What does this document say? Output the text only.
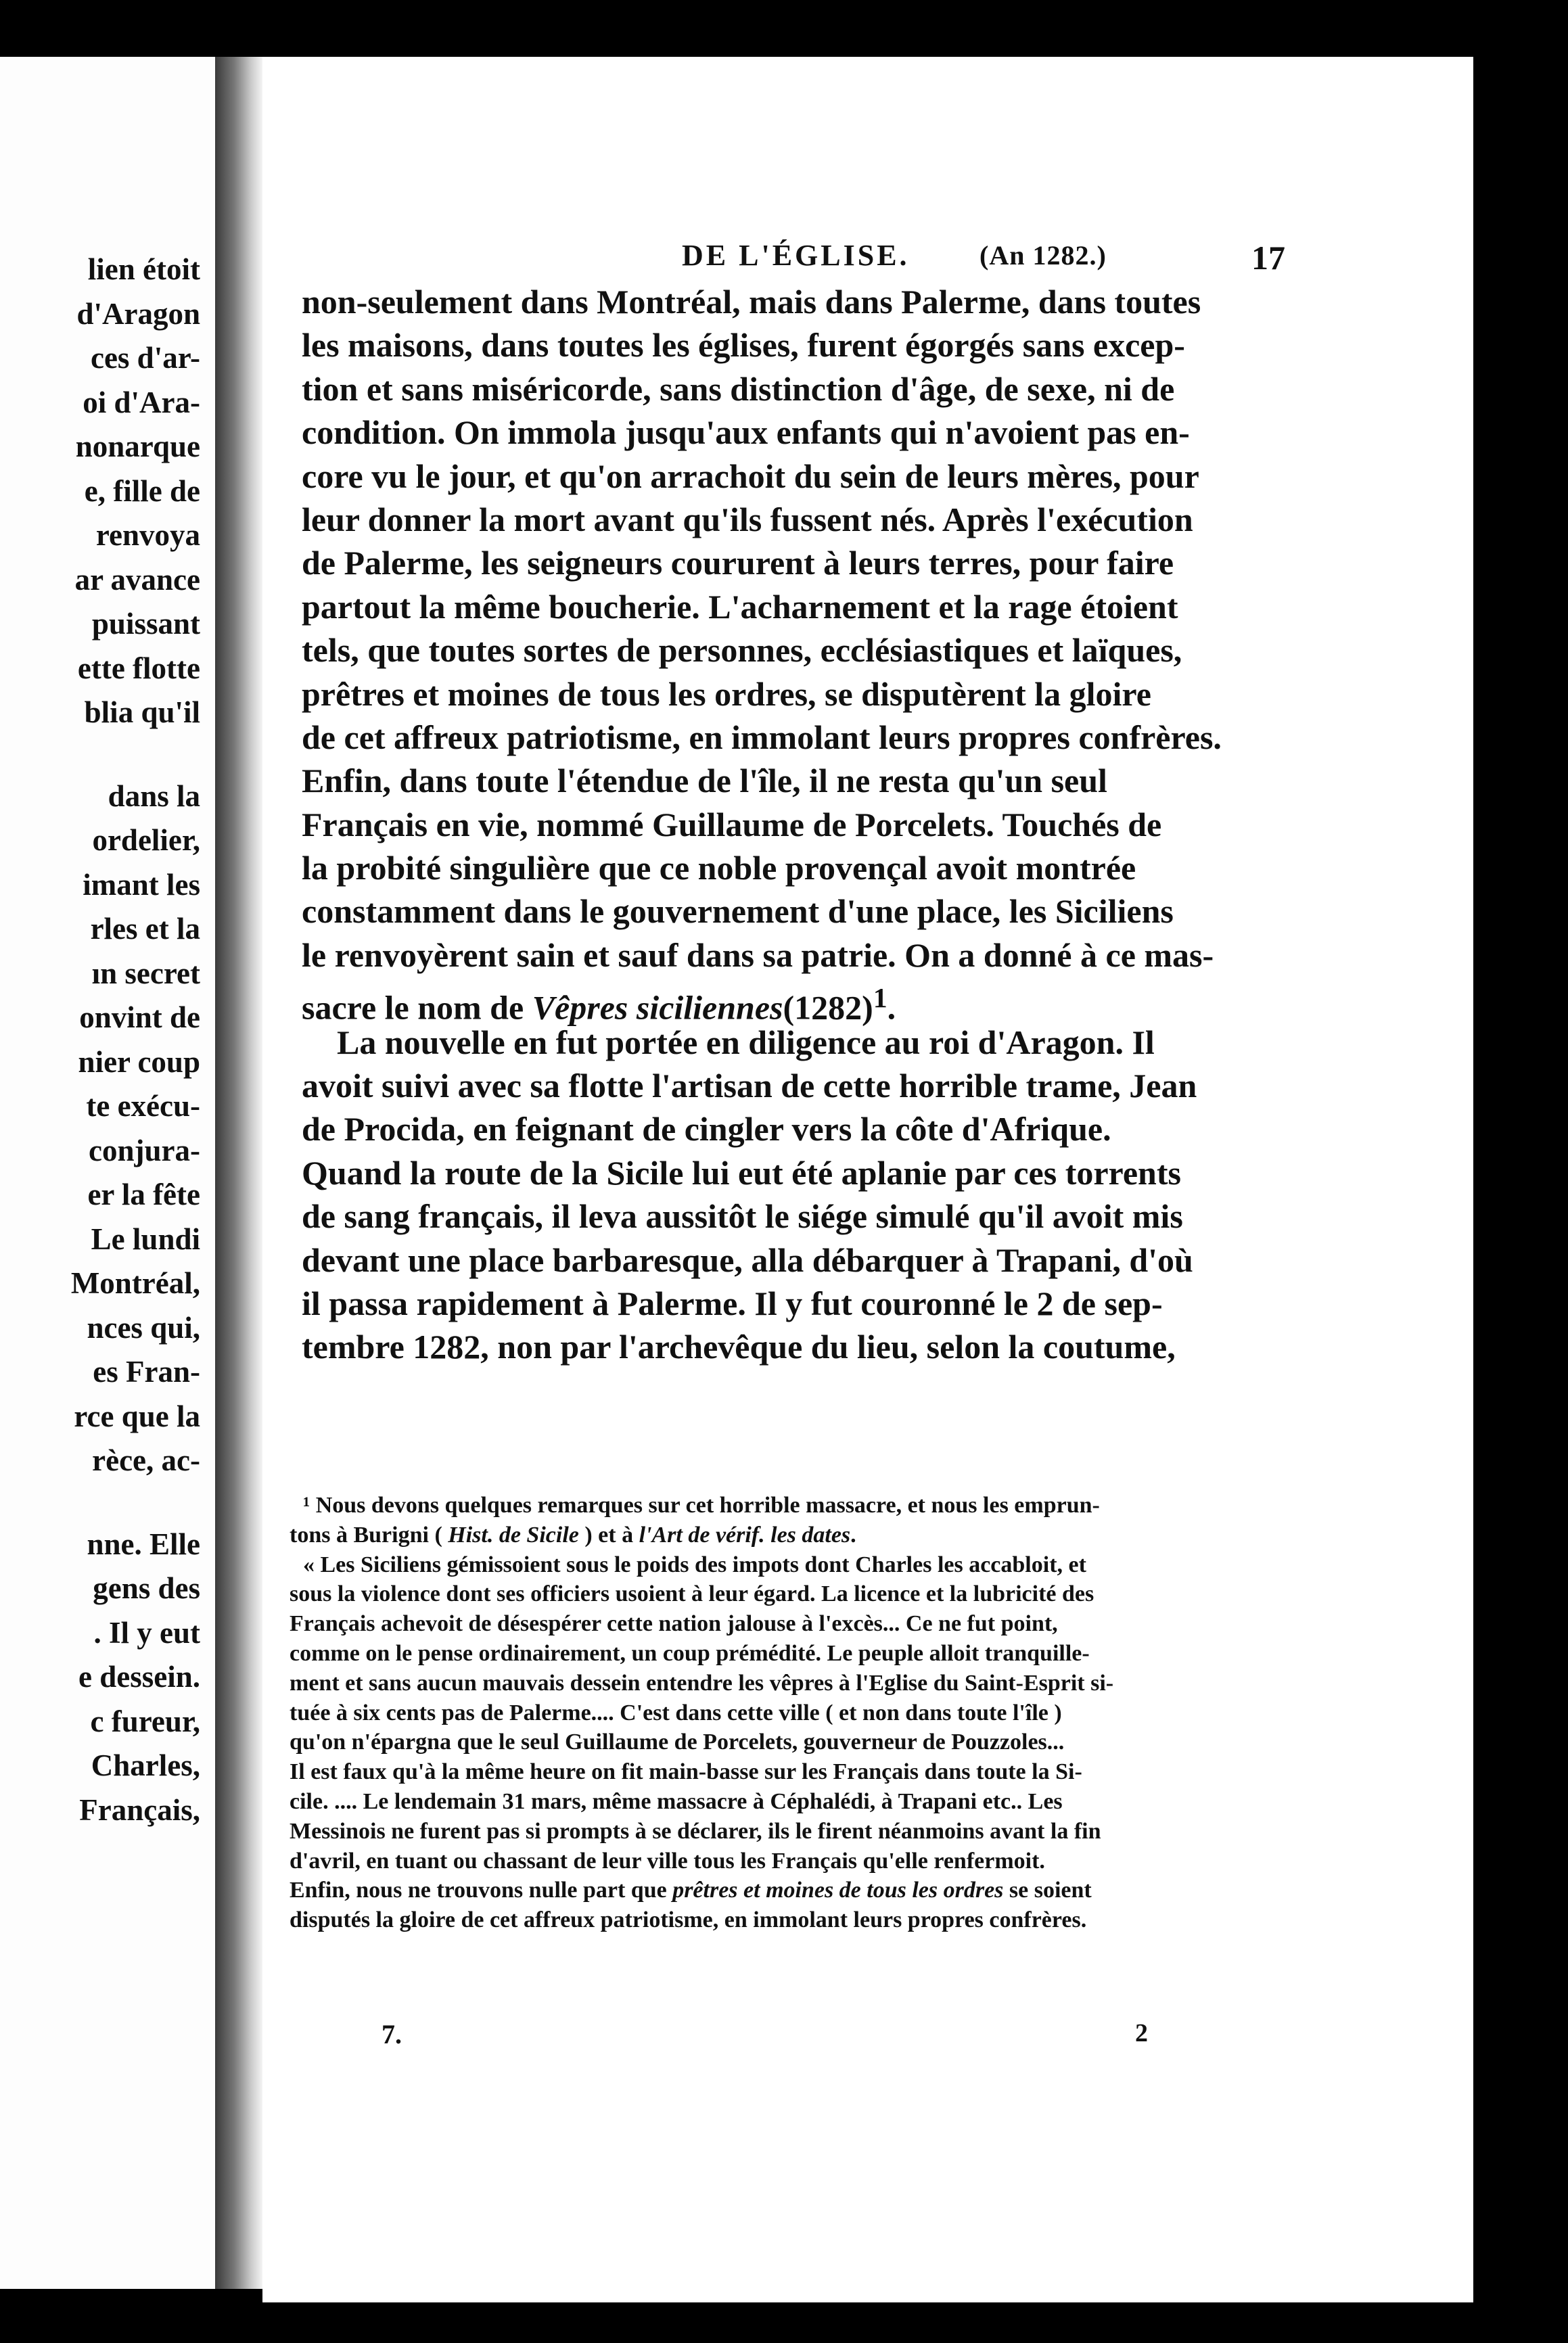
lien étoit
d'Aragon
ces d'ar-
oi d'Ara-
nonarque
e, fille de
renvoya
ar avance
puissant
ette flotte
blia qu'il
dans la
ordelier,
imant les
rles et la
ın secret
onvint de
nier coup
te exécu-
conjura-
er la fête
Le lundi
Montréal,
nces qui,
es Fran-
rce que la
rèce, ac-
nne. Elle
gens des
. Il y eut
e dessein.
c fureur,
Charles,
Français,
DE L'ÉGLISE.	(An 1282.)	17
non-seulement dans Montréal, mais dans Palerme, dans toutes
les maisons, dans toutes les églises, furent égorgés sans excep-
tion et sans miséricorde, sans distinction d'âge, de sexe, ni de
condition. On immola jusqu'aux enfants qui n'avoient pas en-
core vu le jour, et qu'on arrachoit du sein de leurs mères, pour
leur donner la mort avant qu'ils fussent nés. Après l'exécution
de Palerme, les seigneurs coururent à leurs terres, pour faire
partout la même boucherie. L'acharnement et la rage étoient
tels, que toutes sortes de personnes, ecclésiastiques et laïques,
prêtres et moines de tous les ordres, se disputèrent la gloire
de cet affreux patriotisme, en immolant leurs propres confrères.
Enfin, dans toute l'étendue de l'île, il ne resta qu'un seul
Français en vie, nommé Guillaume de Porcelets. Touchés de
la probité singulière que ce noble provençal avoit montrée
constamment dans le gouvernement d'une place, les Siciliens
le renvoyèrent sain et sauf dans sa patrie. On a donné à ce mas-
sacre le nom de Vêpres $siciliennes(1282)^1$.
La nouvelle en fut portée en diligence au roi d'Aragon. Il
avoit suivi avec sa flotte l'artisan de cette horrible trame, Jean
de Procida, en feignant de cingler vers la côte d'Afrique.
Quand la route de la Sicile lui eut été aplanie par ces torrents
de sang français, il leva aussitôt le siége simulé qu'il avoit mis
devant une place barbaresque, alla débarquer à Trapani, d'où
il passa rapidement à Palerme. Il y fut couronné le 2 de sep-
tembre 1282, non par l'archevêque du lieu, selon la coutume,
¹ Nous devons quelques remarques sur cet horrible massacre, et nous les emprun-
tons à Burigni ( Hist. de Sicile ) et à l'Art de vérif. les dates.
« Les Siciliens gémissoient sous le poids des impots dont Charles les accabloit, et
sous la violence dont ses officiers usoient à leur égard. La licence et la lubricité des
Français achevoit de désespérer cette nation jalouse à l'excès... Ce ne fut point,
comme on le pense ordinairement, un coup prémédité. Le peuple alloit tranquille-
ment et sans aucun mauvais dessein entendre les vêpres à l'Eglise du Saint-Esprit si-
tuée à six cents pas de Palerme.... C'est dans cette ville ( et non dans toute l'île )
qu'on n'épargna que le seul Guillaume de Porcelets, gouverneur de Pouzzoles...
Il est faux qu'à la même heure on fit main-basse sur les Français dans toute la Si-
cile. .... Le lendemain 31 mars, même massacre à Céphalédi, à Trapani etc.. Les
Messinois ne furent pas si prompts à se déclarer, ils le firent néanmoins avant la fin
d'avril, en tuant ou chassant de leur ville tous les Français qu'elle renfermoit.
Enfin, nous ne trouvons nulle part que prêtres et moines de tous les ordres se soient
disputés la gloire de cet affreux patriotisme, en immolant leurs propres confrères.
7.	2
